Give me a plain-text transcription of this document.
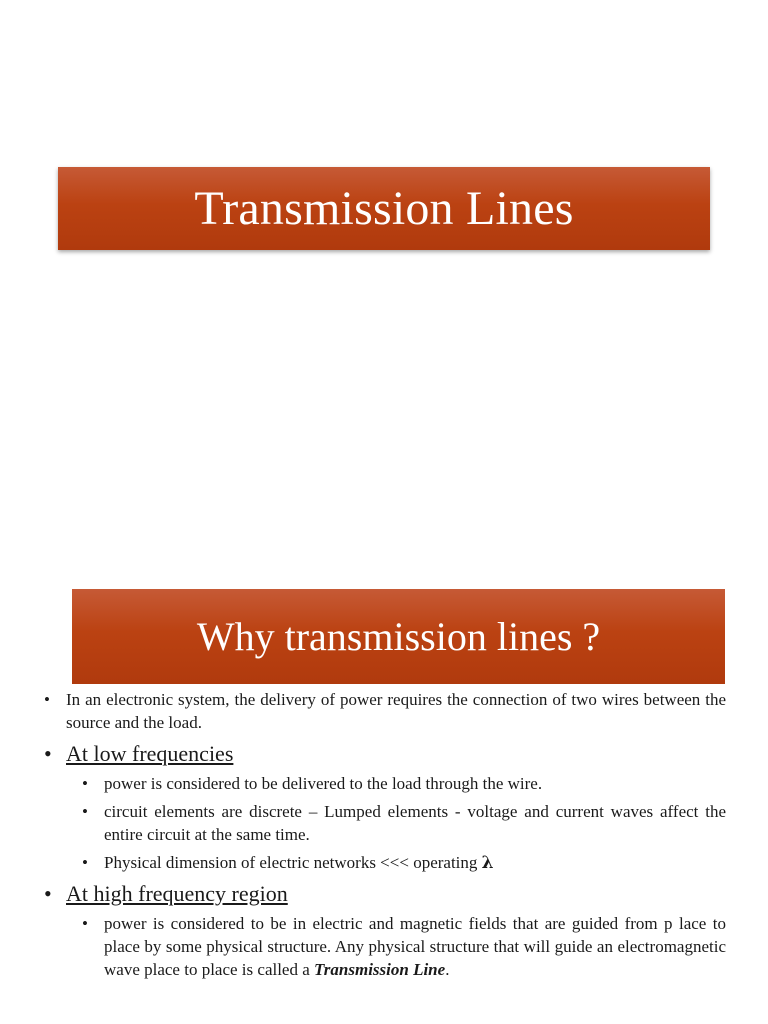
Transmission Lines
Why transmission lines ?
• In an electronic system, the delivery of power requires the connection of two wires between the source and the load.
• At low frequencies
• power is considered to be delivered to the load through the wire.
• circuit elements are discrete – Lumped elements - voltage and current waves affect the entire circuit at the same time.
• Physical dimension of electric networks <<< operating λ
• At high frequency region
• power is considered to be in electric and magnetic fields that are guided from p lace to place by some physical structure. Any physical structure that will guide an electromagnetic wave place to place is called a Transmission Line.
